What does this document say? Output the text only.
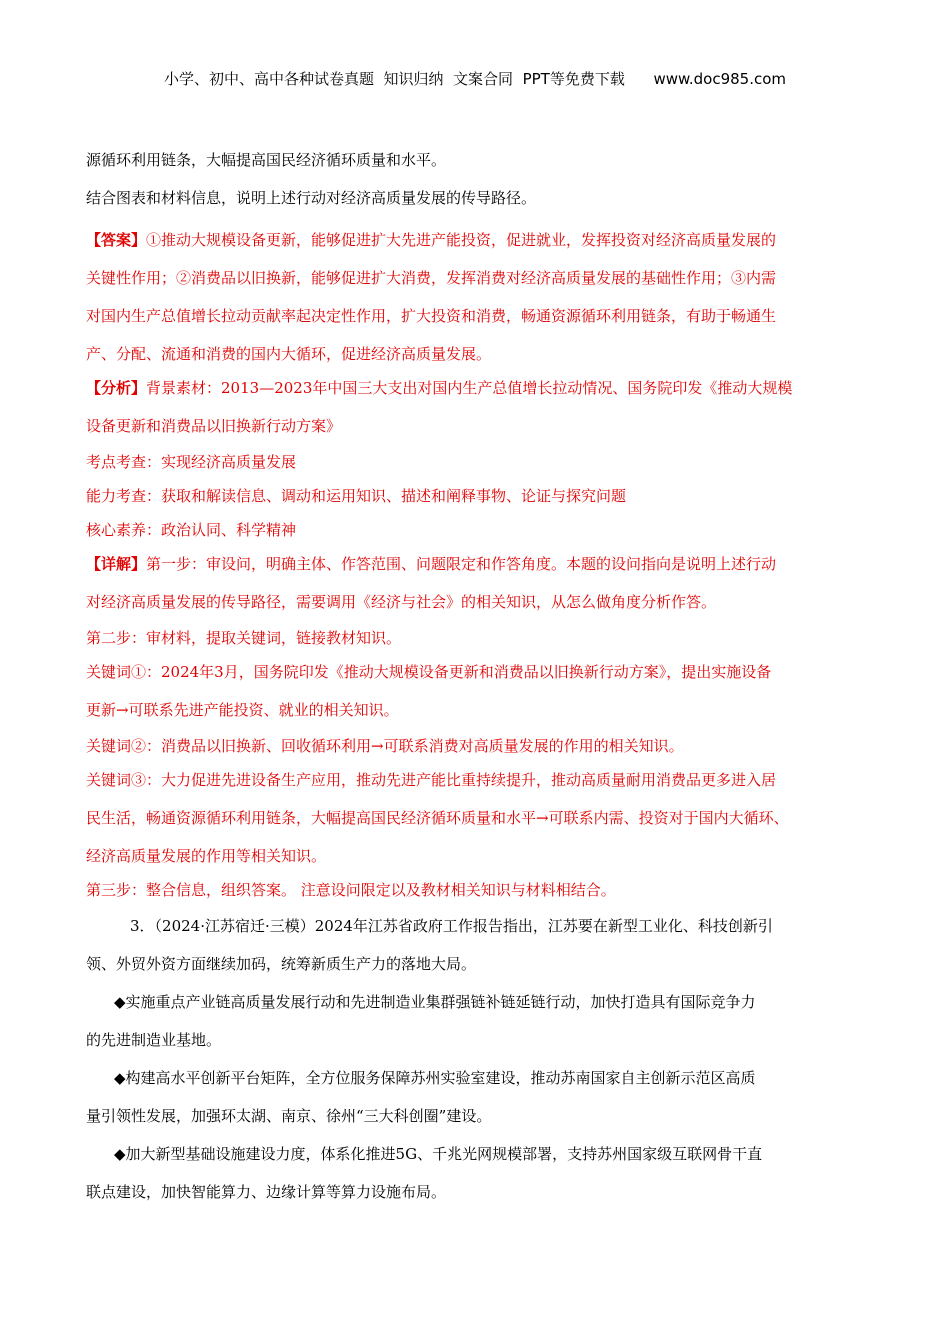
小学、初中、高中各种试卷真题  知识归纳  文案合同  PPT等免费下载      www.doc985.com
源循环利用链条，大幅提高国民经济循环质量和水平。
结合图表和材料信息，说明上述行动对经济高质量发展的传导路径。
【答案】①推动大规模设备更新，能够促进扩大先进产能投资，促进就业，发挥投资对经济高质量发展的
关键性作用；②消费品以旧换新，能够促进扩大消费，发挥消费对经济高质量发展的基础性作用；③内需
对国内生产总值增长拉动贡献率起决定性作用，扩大投资和消费，畅通资源循环利用链条，有助于畅通生
产、分配、流通和消费的国内大循环，促进经济高质量发展。
【分析】背景素材：2013—2023年中国三大支出对国内生产总值增长拉动情况、国务院印发《推动大规模
设备更新和消费品以旧换新行动方案》
考点考查：实现经济高质量发展
能力考查：获取和解读信息、调动和运用知识、描述和阐释事物、论证与探究问题
核心素养：政治认同、科学精神
【详解】第一步：审设问，明确主体、作答范围、问题限定和作答角度。本题的设问指向是说明上述行动
对经济高质量发展的传导路径，需要调用《经济与社会》的相关知识，从怎么做角度分析作答。
第二步：审材料，提取关键词，链接教材知识。
关键词①：2024年3月，国务院印发《推动大规模设备更新和消费品以旧换新行动方案》，提出实施设备
更新→可联系先进产能投资、就业的相关知识。
关键词②：消费品以旧换新、回收循环利用→可联系消费对高质量发展的作用的相关知识。
关键词③：大力促进先进设备生产应用，推动先进产能比重持续提升，推动高质量耐用消费品更多进入居
民生活，畅通资源循环利用链条，大幅提高国民经济循环质量和水平→可联系内需、投资对于国内大循环、
经济高质量发展的作用等相关知识。
第三步：整合信息，组织答案。 注意设问限定以及教材相关知识与材料相结合。
3．（2024·江苏宿迁·三模）2024年江苏省政府工作报告指出，江苏要在新型工业化、科技创新引
领、外贸外资方面继续加码，统筹新质生产力的落地大局。
◆实施重点产业链高质量发展行动和先进制造业集群强链补链延链行动，加快打造具有国际竞争力
的先进制造业基地。
◆构建高水平创新平台矩阵，全方位服务保障苏州实验室建设，推动苏南国家自主创新示范区高质
量引领性发展，加强环太湖、南京、徐州“三大科创圈”建设。
◆加大新型基础设施建设力度，体系化推进5G、千兆光网规模部署，支持苏州国家级互联网骨干直
联点建设，加快智能算力、边缘计算等算力设施布局。
